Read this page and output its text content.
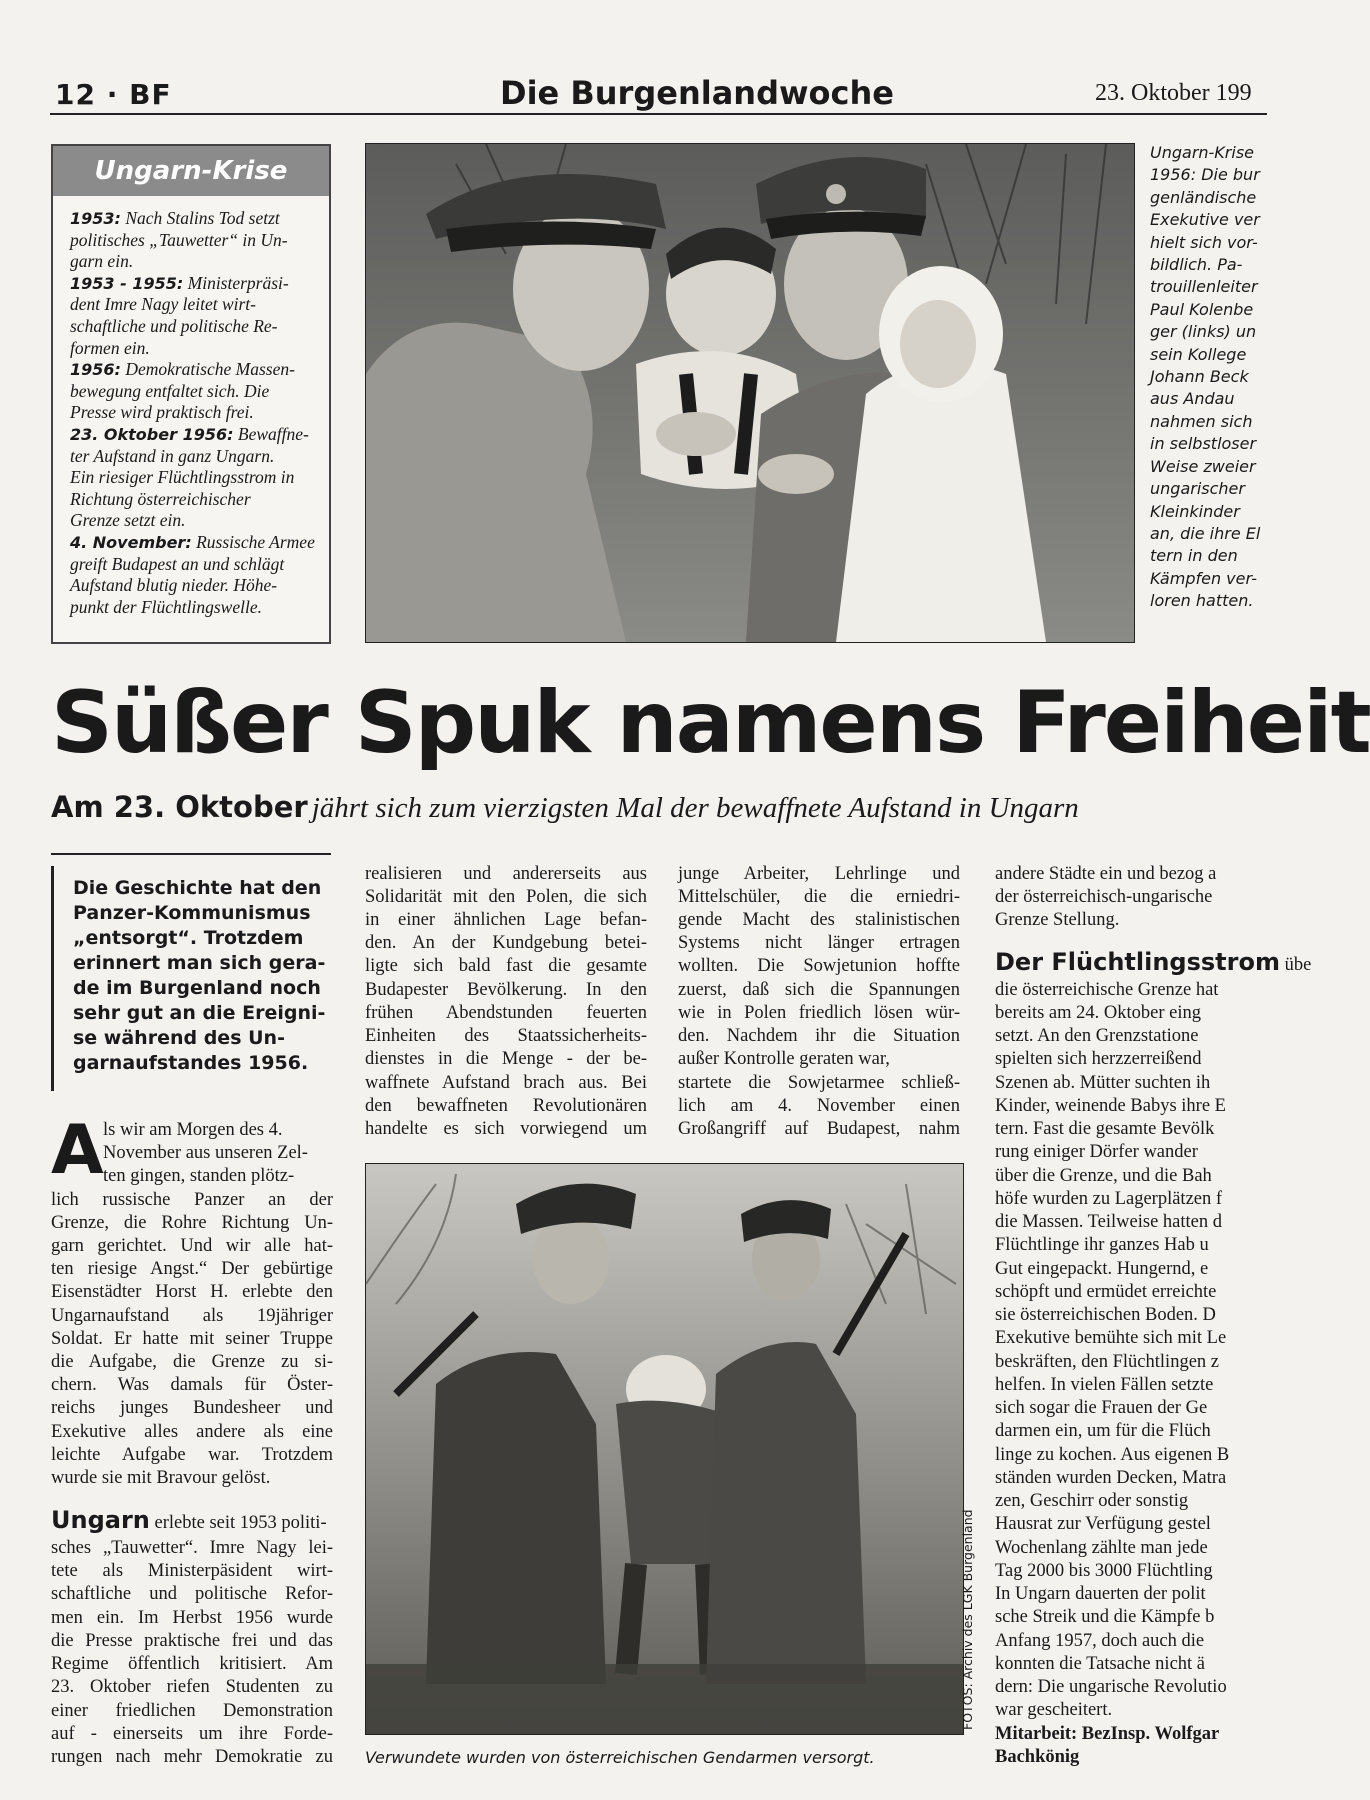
12 · BF	Die Burgenlandwoche	23. Oktober 199
Ungarn-Krise

1953: Nach Stalins Tod setzt

politisches „Tauwetter“ in Un-

garn ein.

1953 - 1955: Ministerpräsi-

dent Imre Nagy leitet wirt-

schaftliche und politische Re-

formen ein.

1956: Demokratische Massen-

bewegung entfaltet sich. Die

Presse wird praktisch frei.

23. Oktober 1956: Bewaffne-

ter Aufstand in ganz Ungarn.

Ein riesiger Flüchtlingsstrom in

Richtung österreichischer

Grenze setzt ein.

4. November: Russische Armee

greift Budapest an und schlägt

Aufstand blutig nieder. Höhe-

punkt der Flüchtlingswelle.

Ungarn-Krise
1956: Die bur
genländische
Exekutive ver
hielt sich vor-
bildlich. Pa-
trouillenleiter
Paul Kolenbe
ger (links) un
sein Kollege
Johann Beck
aus Andau
nahmen sich
in selbstloser
Weise zweier
ungarischer
Kleinkinder
an, die ihre El
tern in den
Kämpfen ver-
loren hatten.
Süßer Spuk namens Freiheit
Am 23. Oktober jährt sich zum vierzigsten Mal der bewaffnete Aufstand in Ungarn

Die Geschichte hat den

Panzer-Kommunismus

„entsorgt“. Trotzdem

erinnert man sich gera-

de im Burgenland noch

sehr gut an die Ereigni-

se während des Un-

garnaufstandes 1956.

A ls wir am Morgen des 4.

November aus unseren Zel-

ten gingen, standen plötz-

lich russische Panzer an der

Grenze, die Rohre Richtung Un-

garn gerichtet. Und wir alle hat-

ten riesige Angst.“ Der gebürtige

Eisenstädter Horst H. erlebte den

Ungarnaufstand als 19jähriger

Soldat. Er hatte mit seiner Truppe

die Aufgabe, die Grenze zu si-

chern. Was damals für Öster-

reichs junges Bundesheer und

Exekutive alles andere als eine

leichte Aufgabe war. Trotzdem

wurde sie mit Bravour gelöst.

Ungarn erlebte seit 1953 politi-

sches „Tauwetter“. Imre Nagy lei-

tete als Ministerpäsident wirt-

schaftliche und politische Refor-

men ein. Im Herbst 1956 wurde

die Presse praktische frei und das

Regime öffentlich kritisiert. Am

23. Oktober riefen Studenten zu

einer friedlichen Demonstration

auf - einerseits um ihre Forde-

rungen nach mehr Demokratie zu

realisieren und andererseits aus

Solidarität mit den Polen, die sich

in einer ähnlichen Lage befan-

den. An der Kundgebung betei-

ligte sich bald fast die gesamte

Budapester Bevölkerung. In den

frühen Abendstunden feuerten

Einheiten des Staatssicherheits-

dienstes in die Menge - der be-

waffnete Aufstand brach aus. Bei

den bewaffneten Revolutionären

handelte es sich vorwiegend um

junge Arbeiter, Lehrlinge und

Mittelschüler, die die erniedri-

gende Macht des stalinistischen

Systems nicht länger ertragen

wollten. Die Sowjetunion hoffte

zuerst, daß sich die Spannungen

wie in Polen friedlich lösen wür-

den. Nachdem ihr die Situation

außer Kontrolle geraten war,

startete die Sowjetarmee schließ-

lich am 4. November einen

Großangriff auf Budapest, nahm

andere Städte ein und bezog a

der österreichisch-ungarische

Grenze Stellung.

Der Flüchtlingsstrom übe

die österreichische Grenze hat

bereits am 24. Oktober eing

setzt. An den Grenzstatione

spielten sich herzzerreißend

Szenen ab. Mütter suchten ih

Kinder, weinende Babys ihre E

tern. Fast die gesamte Bevölk

rung einiger Dörfer wander

über die Grenze, und die Bah

höfe wurden zu Lagerplätzen f

die Massen. Teilweise hatten d

Flüchtlinge ihr ganzes Hab u

Gut eingepackt. Hungernd, e

schöpft und ermüdet erreichte

sie österreichischen Boden. D

Exekutive bemühte sich mit Le

beskräften, den Flüchtlingen z

helfen. In vielen Fällen setzte

sich sogar die Frauen der Ge

darmen ein, um für die Flüch

linge zu kochen. Aus eigenen B

ständen wurden Decken, Matra

zen, Geschirr oder sonstig

Hausrat zur Verfügung gestel

Wochenlang zählte man jede

Tag 2000 bis 3000 Flüchtling

In Ungarn dauerten der polit

sche Streik und die Kämpfe b

Anfang 1957, doch auch die

konnten die Tatsache nicht ä

dern: Die ungarische Revolutio

war gescheitert.

Mitarbeit: BezInsp. Wolfgar

Bachkönig

FOTOS: Archiv des LGK Burgenland
Verwundete wurden von österreichischen Gendarmen versorgt.
